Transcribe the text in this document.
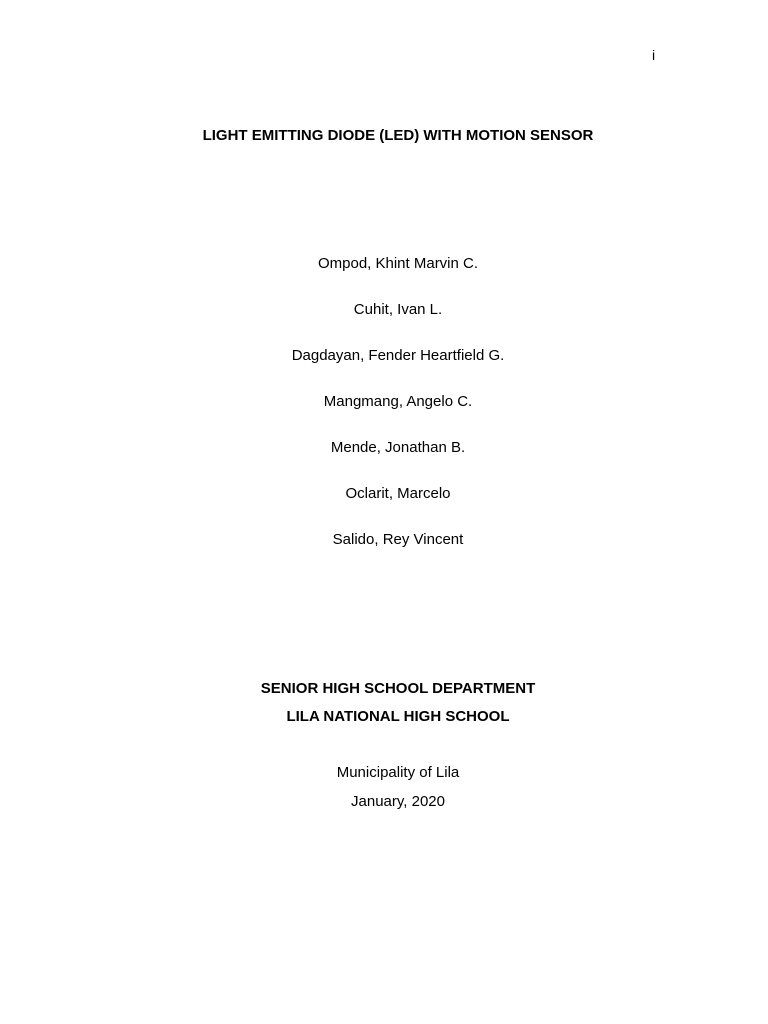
i
LIGHT EMITTING DIODE (LED) WITH MOTION SENSOR
Ompod, Khint Marvin C.
Cuhit, Ivan L.
Dagdayan, Fender Heartfield G.
Mangmang, Angelo C.
Mende, Jonathan B.
Oclarit, Marcelo
Salido, Rey Vincent
SENIOR HIGH SCHOOL DEPARTMENT
LILA NATIONAL HIGH SCHOOL
Municipality of Lila
January, 2020
